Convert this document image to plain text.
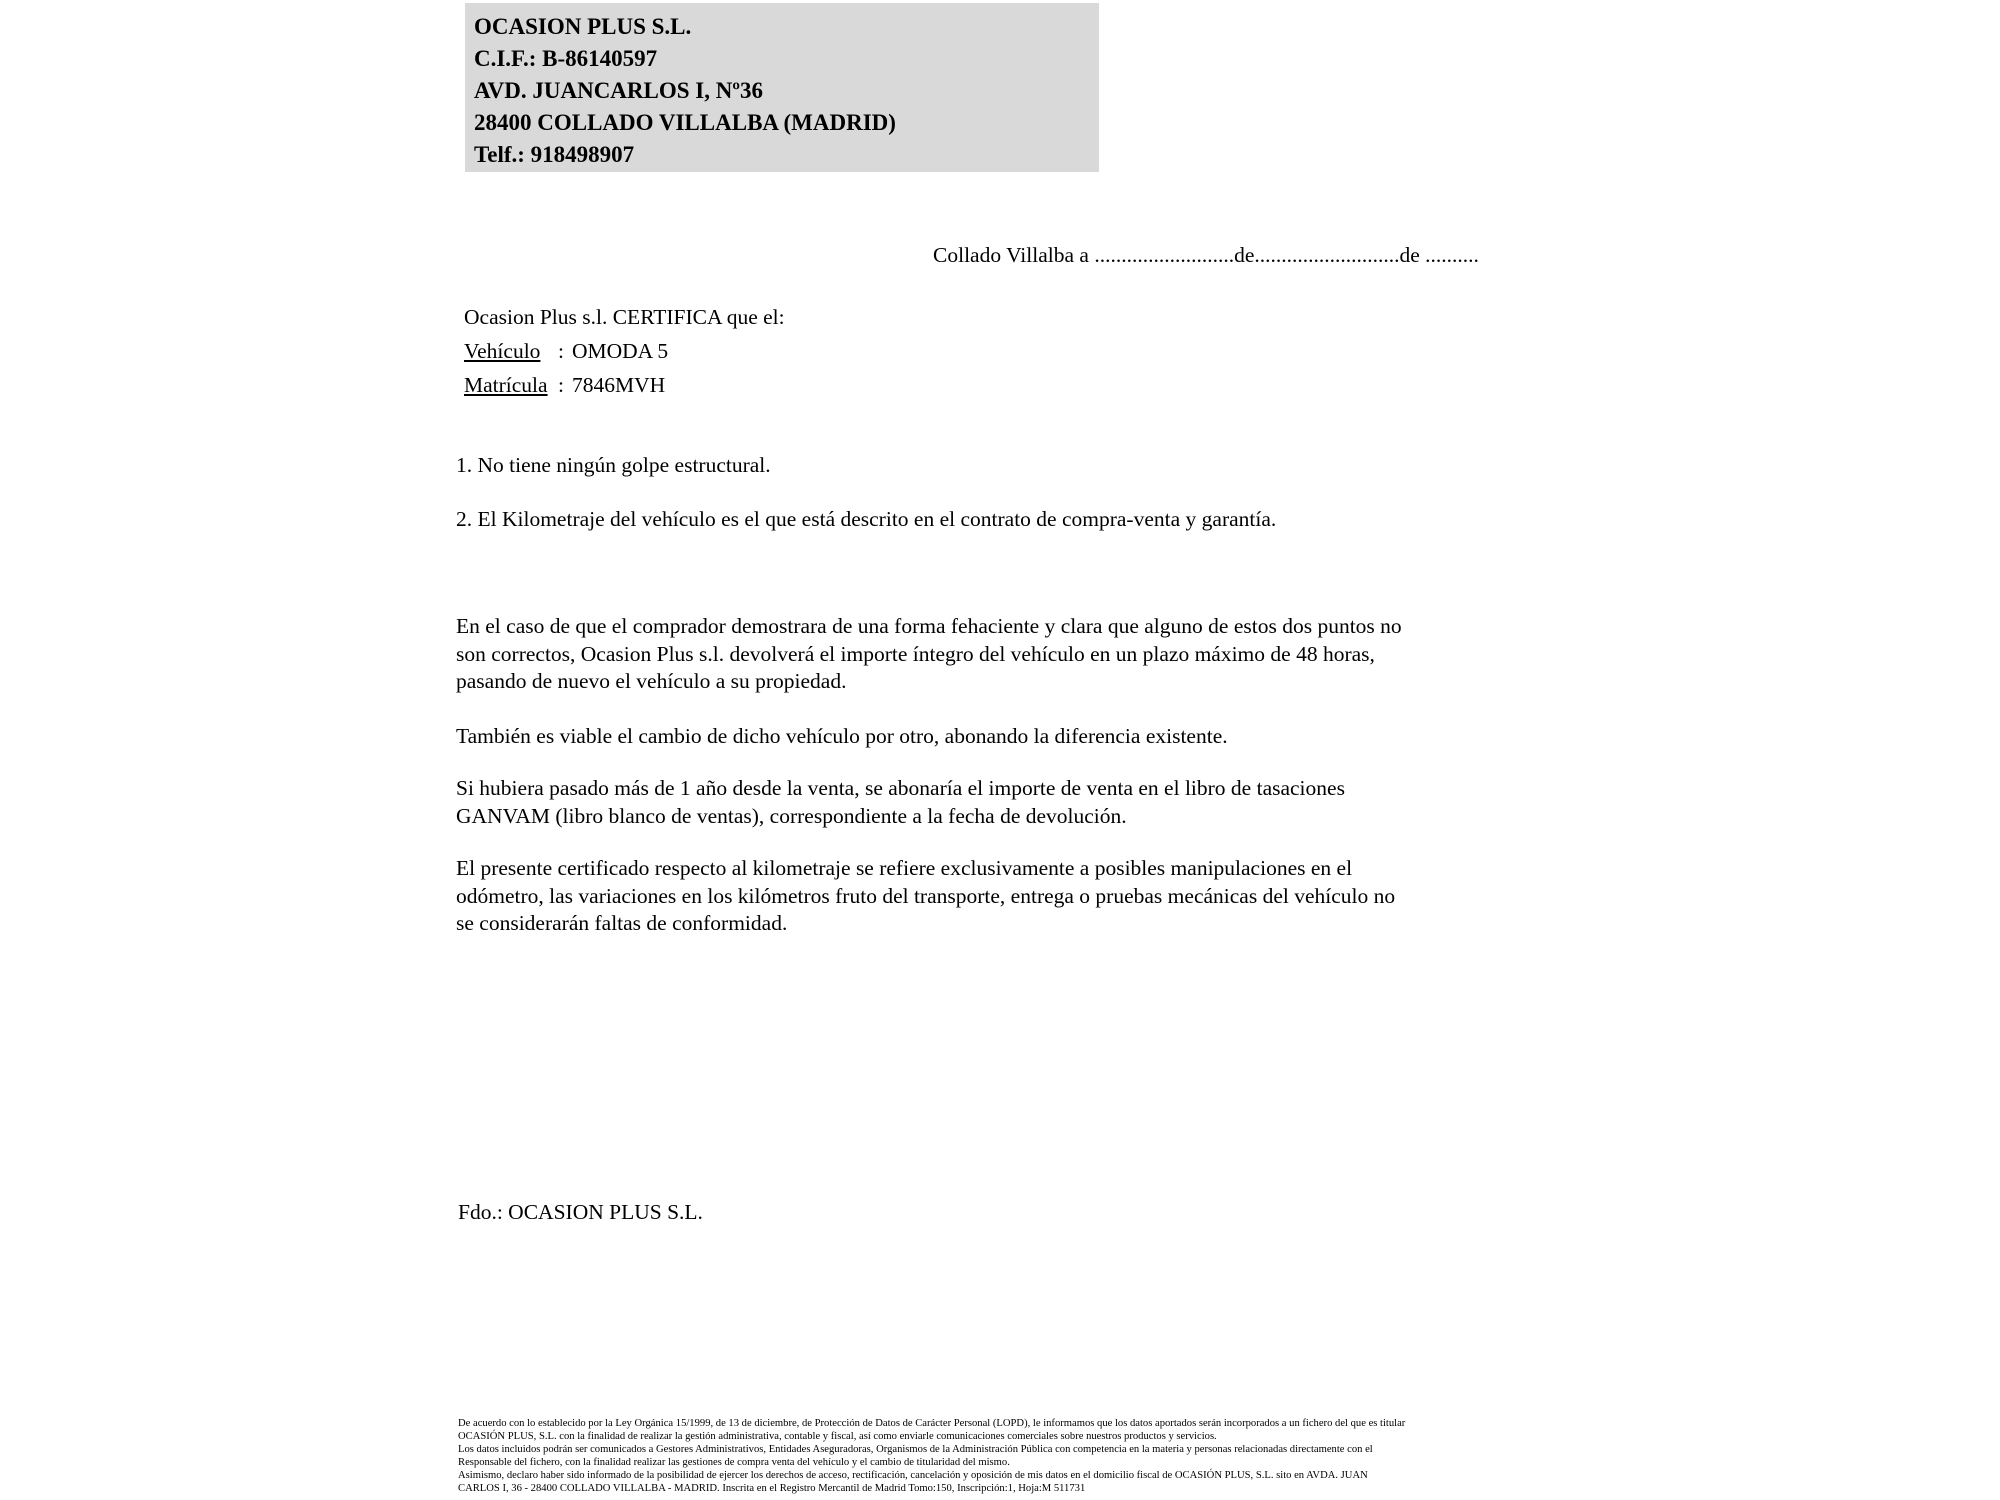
OCASION PLUS S.L.
C.I.F.: B-86140597
AVD. JUANCARLOS I, Nº36
28400 COLLADO VILLALBA (MADRID)
Telf.: 918498907
Collado Villalba a ..........................de...........................de ..........
Ocasion Plus s.l. CERTIFICA que el:
Vehículo : OMODA 5
Matrícula : 7846MVH
1. No tiene ningún golpe estructural.
2. El Kilometraje del vehículo es el que está descrito en el contrato de compra-venta y garantía.
En el caso de que el comprador demostrara de una forma fehaciente y clara que alguno de estos dos puntos no
son correctos, Ocasion Plus s.l. devolverá el importe íntegro del vehículo en un plazo máximo de 48 horas,
pasando de nuevo el vehículo a su propiedad.
También es viable el cambio de dicho vehículo por otro, abonando la diferencia existente.
Si hubiera pasado más de 1 año desde la venta, se abonaría el importe de venta en el libro de tasaciones
GANVAM (libro blanco de ventas), correspondiente a la fecha de devolución.
El presente certificado respecto al kilometraje se refiere exclusivamente a posibles manipulaciones en el
odómetro, las variaciones en los kilómetros fruto del transporte, entrega o pruebas mecánicas del vehículo no
se considerarán faltas de conformidad.
Fdo.: OCASION PLUS S.L.
De acuerdo con lo establecido por la Ley Orgánica 15/1999, de 13 de diciembre, de Protección de Datos de Carácter Personal (LOPD), le informamos que los datos aportados serán incorporados a un fichero del que es titular
OCASIÓN PLUS, S.L. con la finalidad de realizar la gestión administrativa, contable y fiscal, así como enviarle comunicaciones comerciales sobre nuestros productos y servicios.
Los datos incluidos podrán ser comunicados a Gestores Administrativos, Entidades Aseguradoras, Organismos de la Administración Pública con competencia en la materia y personas relacionadas directamente con el
Responsable del fichero, con la finalidad realizar las gestiones de compra venta del vehículo y el cambio de titularidad del mismo.
Asimismo, declaro haber sido informado de la posibilidad de ejercer los derechos de acceso, rectificación, cancelación y oposición de mis datos en el domicilio fiscal de OCASIÓN PLUS, S.L. sito en AVDA. JUAN
CARLOS I, 36 - 28400 COLLADO VILLALBA - MADRID. Inscrita en el Registro Mercantil de Madrid Tomo:150, Inscripción:1, Hoja:M 511731
